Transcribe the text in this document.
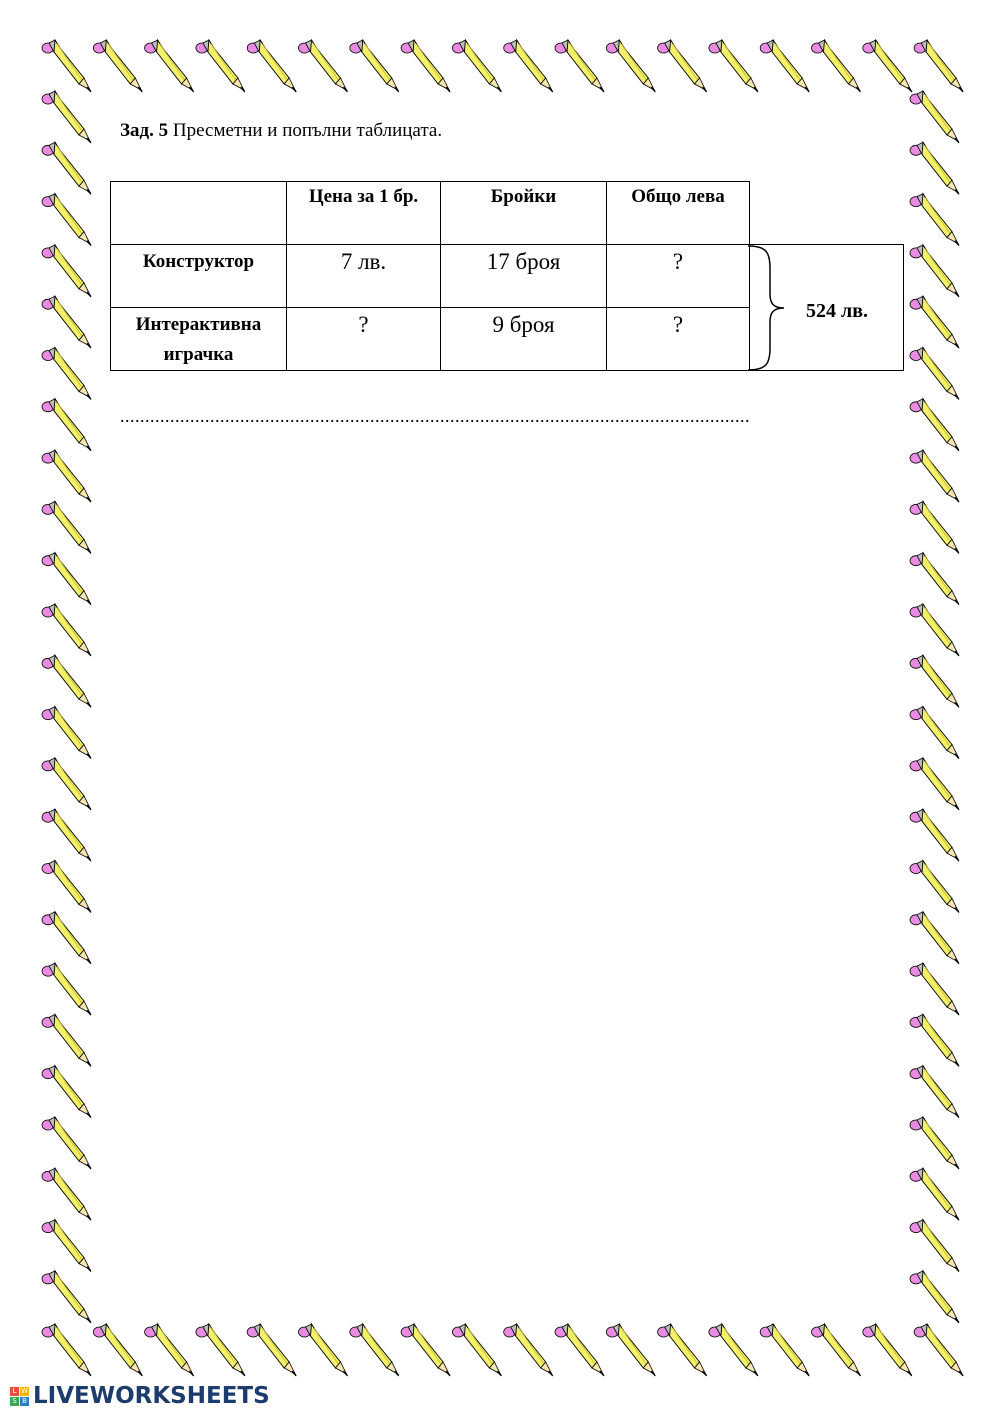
Зад. 5 Пресметни и попълни таблицата.

	Цена за 1 бр.	Бройки	Общо лева

Конструктор	7 лв.	17 броя	?

Интерактивна
играчка	?	9 броя	?
524 лв.
..............................................................................................................................
L W
S B LIVEWORKSHEETS
